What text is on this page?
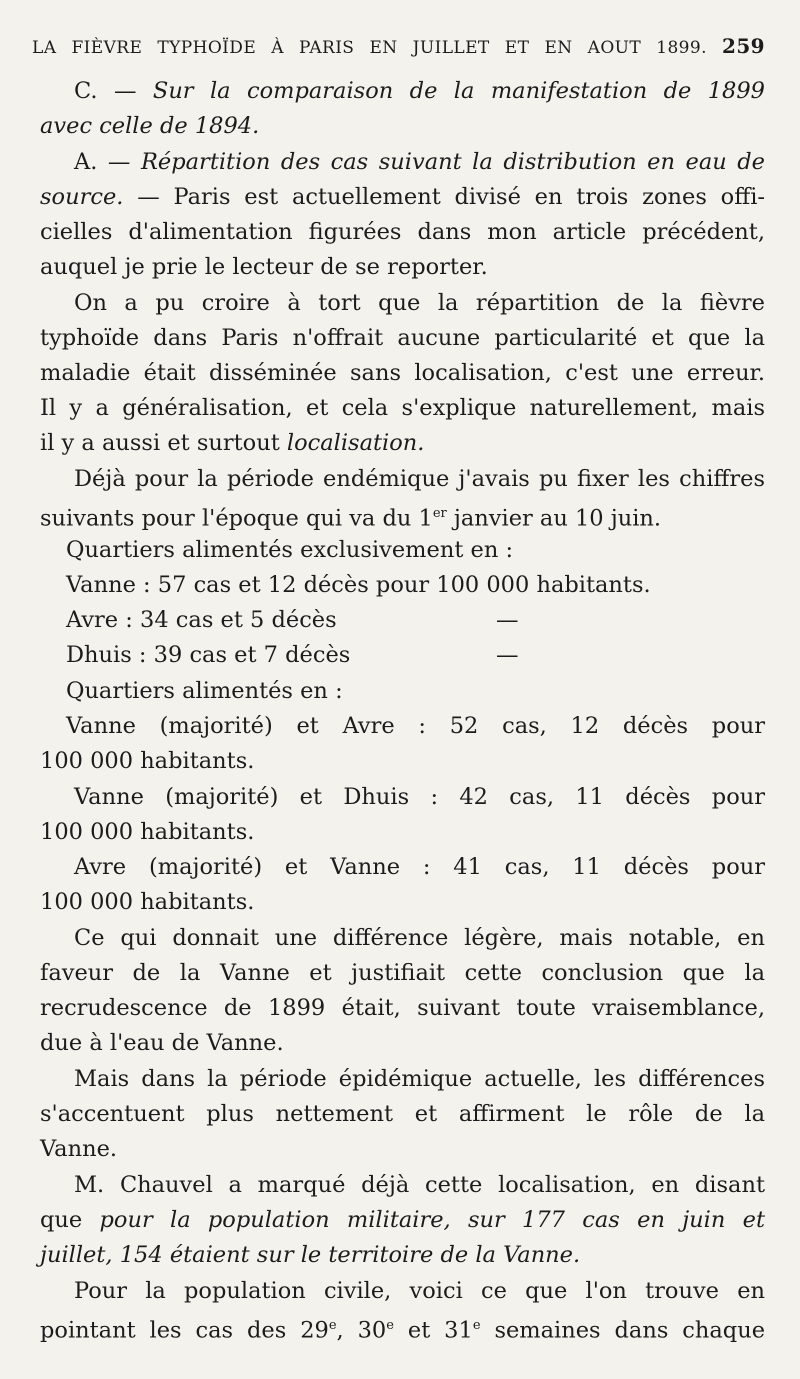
LA FIÈVRE TYPHOÏDE À PARIS EN JUILLET ET EN AOUT 1899. 259
C. — Sur la comparaison de la manifestation de 1899
avec celle de 1894.
A. — Répartition des cas suivant la distribution en eau de
source. — Paris est actuellement divisé en trois zones offi-
cielles d'alimentation figurées dans mon article précédent,
auquel je prie le lecteur de se reporter.
On a pu croire à tort que la répartition de la fièvre
typhoïde dans Paris n'offrait aucune particularité et que la
maladie était disséminée sans localisation, c'est une erreur.
Il y a généralisation, et cela s'explique naturellement, mais
il y a aussi et surtout localisation.
Déjà pour la période endémique j'avais pu fixer les chiffres
suivants pour l'époque qui va du 1er janvier au 10 juin.
Quartiers alimentés exclusivement en :
Vanne : 57 cas et 12 décès pour 100 000 habitants.
Avre : 34 cas et 5 décès	—
Dhuis : 39 cas et 7 décès	—
Quartiers alimentés en :
Vanne (majorité) et Avre : 52 cas, 12 décès pour
100 000 habitants.
Vanne (majorité) et Dhuis : 42 cas, 11 décès pour
100 000 habitants.
Avre (majorité) et Vanne : 41 cas, 11 décès pour
100 000 habitants.
Ce qui donnait une différence légère, mais notable, en
faveur de la Vanne et justifiait cette conclusion que la
recrudescence de 1899 était, suivant toute vraisemblance,
due à l'eau de Vanne.
Mais dans la période épidémique actuelle, les différences
s'accentuent plus nettement et affirment le rôle de la
Vanne.
M. Chauvel a marqué déjà cette localisation, en disant
que pour la population militaire, sur 177 cas en juin et
juillet, 154 étaient sur le territoire de la Vanne.
Pour la population civile, voici ce que l'on trouve en
pointant les cas des 29e, 30e et 31e semaines dans chaque
